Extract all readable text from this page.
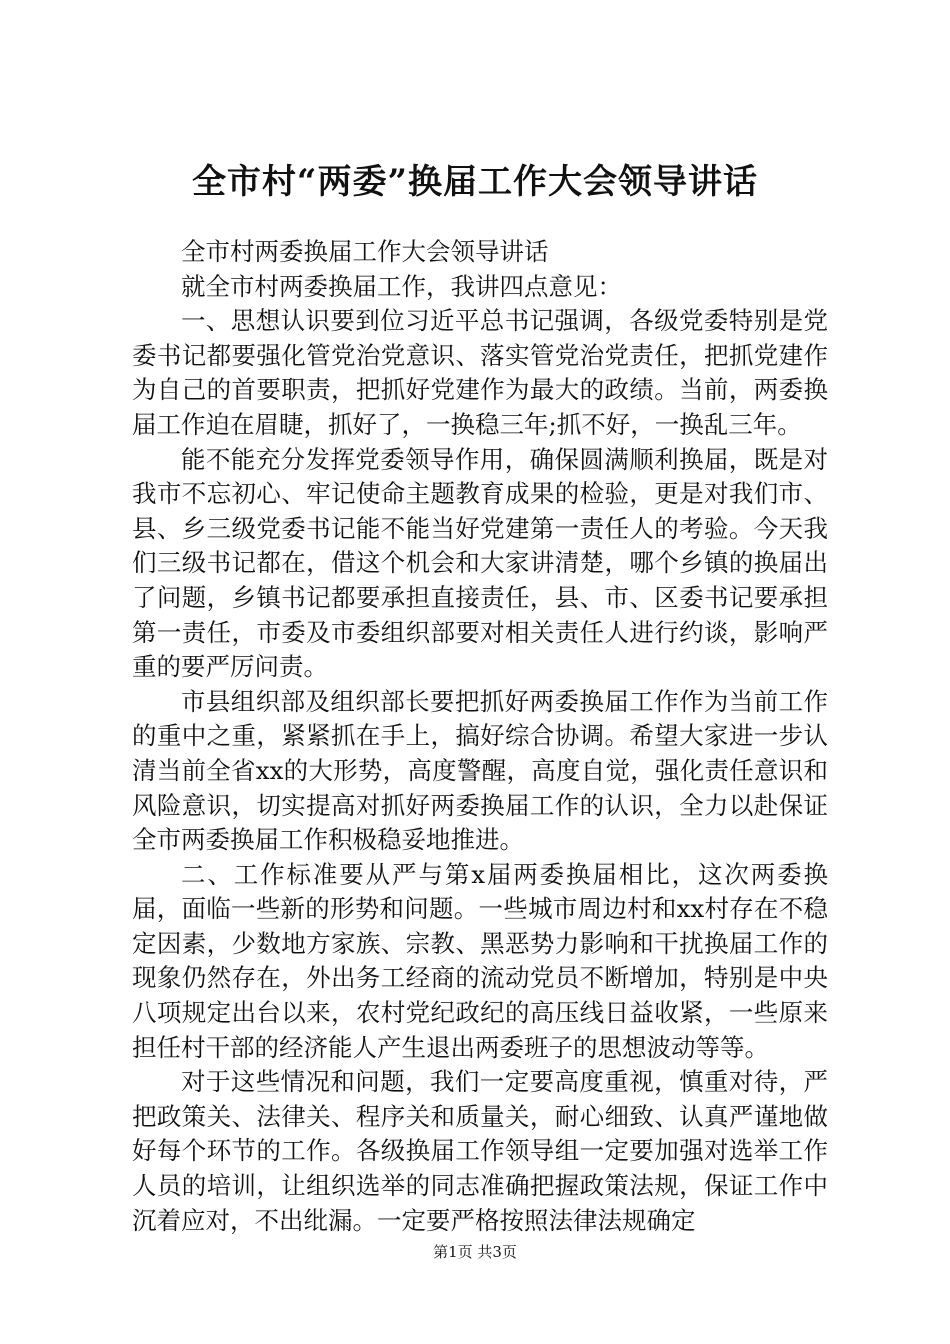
全市村“两委”换届工作大会领导讲话

全市村两委换届工作大会领导讲话

就全市村两委换届工作，我讲四点意见：

一、思想认识要到位习近平总书记强调，各级党委特别是党委书记都要强化管党治党意识、落实管党治党责任，把抓党建作为自己的首要职责，把抓好党建作为最大的政绩。当前，两委换届工作迫在眉睫，抓好了，一换稳三年;抓不好，一换乱三年。

能不能充分发挥党委领导作用，确保圆满顺利换届，既是对我市不忘初心、牢记使命主题教育成果的检验，更是对我们市、县、乡三级党委书记能不能当好党建第一责任人的考验。今天我们三级书记都在，借这个机会和大家讲清楚，哪个乡镇的换届出了问题，乡镇书记都要承担直接责任，县、市、区委书记要承担第一责任，市委及市委组织部要对相关责任人进行约谈，影响严重的要严厉问责。

市县组织部及组织部长要把抓好两委换届工作作为当前工作的重中之重，紧紧抓在手上，搞好综合协调。希望大家进一步认清当前全省xx的大形势，高度警醒，高度自觉，强化责任意识和风险意识，切实提高对抓好两委换届工作的认识，全力以赴保证全市两委换届工作积极稳妥地推进。

二、工作标准要从严与第x届两委换届相比，这次两委换届，面临一些新的形势和问题。一些城市周边村和xx村存在不稳定因素，少数地方家族、宗教、黑恶势力影响和干扰换届工作的现象仍然存在，外出务工经商的流动党员不断增加，特别是中央八项规定出台以来，农村党纪政纪的高压线日益收紧，一些原来担任村干部的经济能人产生退出两委班子的思想波动等等。

对于这些情况和问题，我们一定要高度重视，慎重对待，严把政策关、法律关、程序关和质量关，耐心细致、认真严谨地做好每个环节的工作。各级换届工作领导组一定要加强对选举工作人员的培训，让组织选举的同志准确把握政策法规，保证工作中沉着应对，不出纰漏。一定要严格按照法律法规确定

第1页 共3页
